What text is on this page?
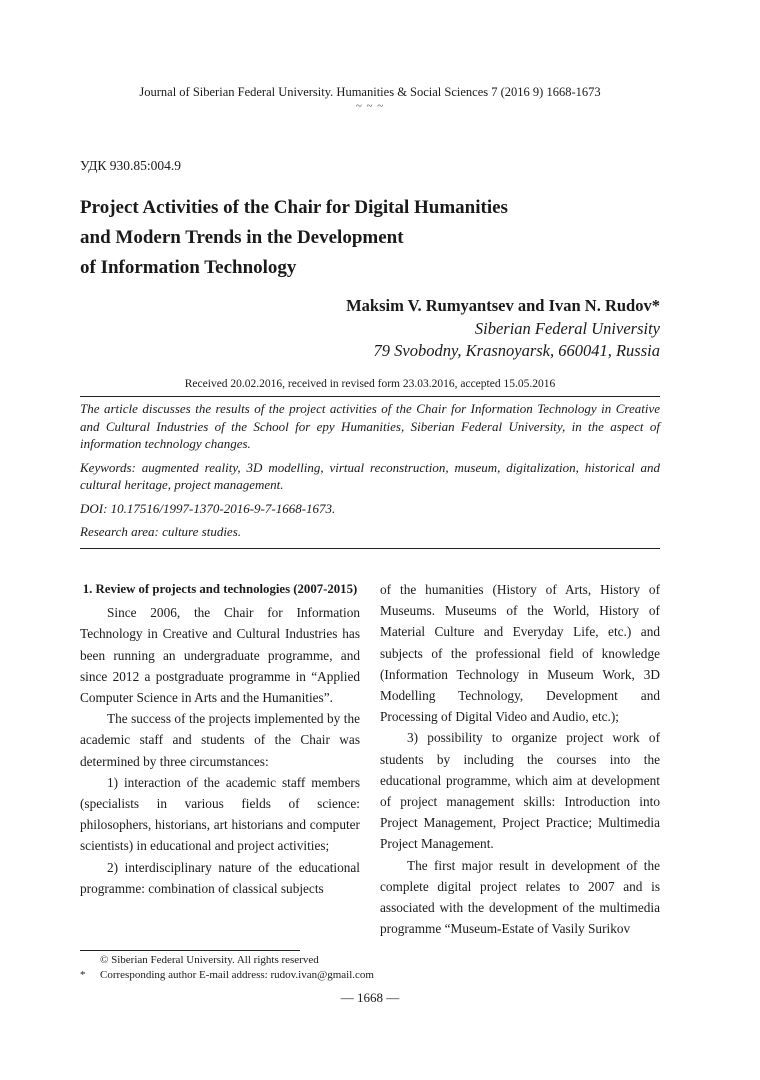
Journal of Siberian Federal University. Humanities & Social Sciences 7 (2016 9) 1668-1673
~ ~ ~
УДК 930.85:004.9
Project Activities of the Chair for Digital Humanities
and Modern Trends in the Development
of Information Technology
Maksim V. Rumyantsev and Ivan N. Rudov*
Siberian Federal University
79 Svobodny, Krasnoyarsk, 660041, Russia
Received 20.02.2016, received in revised form 23.03.2016, accepted 15.05.2016

The article discusses the results of the project activities of the Chair for Information Technology in Creative and Cultural Industries of the School for epy Humanities, Siberian Federal University, in the aspect of information technology changes.

Keywords: augmented reality, 3D modelling, virtual reconstruction, museum, digitalization, historical and cultural heritage, project management.

DOI: 10.17516/1997-1370-2016-9-7-1668-1673.

Research area: culture studies.

1. Review of projects and technologies (2007-2015)

Since 2006, the Chair for Information Technology in Creative and Cultural Industries has been running an undergraduate programme, and since 2012 a postgraduate programme in “Applied Computer Science in Arts and the Humanities”.

The success of the projects implemented by the academic staff and students of the Chair was determined by three circumstances:

1) interaction of the academic staff members (specialists in various fields of science: philosophers, historians, art historians and computer scientists) in educational and project activities;

2) interdisciplinary nature of the educational programme: combination of classical subjects

of the humanities (History of Arts, History of Museums. Museums of the World, History of Material Culture and Everyday Life, etc.) and subjects of the professional field of knowledge (Information Technology in Museum Work, 3D Modelling Technology, Development and Processing of Digital Video and Audio, etc.);

3) possibility to organize project work of students by including the courses into the educational programme, which aim at development of project management skills: Introduction into Project Management, Project Practice; Multimedia Project Management.

The first major result in development of the complete digital project relates to 2007 and is associated with the development of the multimedia programme “Museum-Estate of Vasily Surikov

© Siberian Federal University. All rights reserved
*	Corresponding author E-mail address: rudov.ivan@gmail.com
— 1668 —
